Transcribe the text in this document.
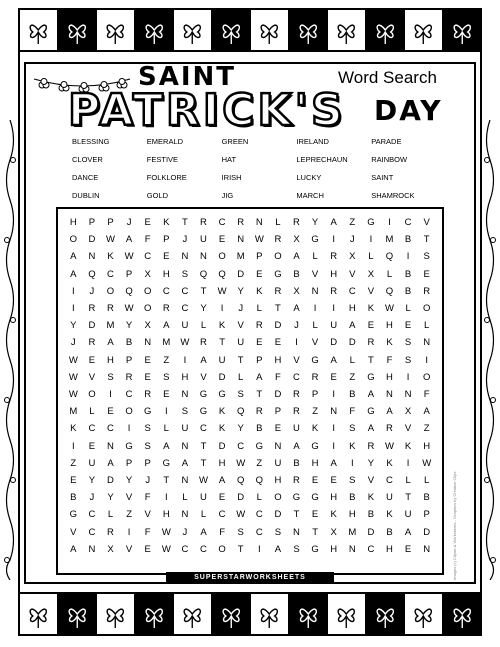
SAINT	Word Search
PATRICK'S DAY
BLESSING	EMERALD	GREEN	IRELAND	PARADE
CLOVER	FESTIVE	HAT	LEPRECHAUN	RAINBOW
DANCE	FOLKLORE	IRISH	LUCKY	SAINT
DUBLIN	GOLD	JIG	MARCH	SHAMROCK
H	P	P	J	E	K	T	R	C	R	N	L	R	Y	A	Z	G	I	C	V
O	D	W	A	F	P	J	U	E	N	W	R	X	G	I	J	I	M	B	T
A	N	K	W	C	E	N	N	O	M	P	O	A	L	R	X	L	Q	I	S
A	Q	C	P	X	H	S	Q	Q	D	E	G	B	V	H	V	X	L	B	E
I	J	O	Q	O	C	C	T	W	Y	K	R	X	N	R	C	V	Q	B	R
I	R	R	W	O	R	C	Y	I	J	L	T	A	I	I	H	K	W	L	O
Y	D	M	Y	X	A	U	L	K	V	R	D	J	L	U	A	E	H	E	L
J	R	A	B	N	M	W	R	T	U	E	E	I	V	D	D	R	K	S	N
W	E	H	P	E	Z	I	A	U	T	P	H	V	G	A	L	T	F	S	I
W	V	S	R	E	S	H	V	D	L	A	F	C	R	E	Z	G	H	I	O
W	O	I	C	R	E	N	G	G	S	T	D	R	P	I	B	A	N	N	F
M	L	E	O	G	I	S	G	K	Q	R	P	R	Z	N	F	G	A	X	A
K	C	C	I	S	L	U	C	K	Y	B	E	U	K	I	S	A	R	V	Z
I	E	N	G	S	A	N	T	D	C	G	N	A	G	I	K	R	W	K	H
Z	U	A	P	P	G	A	T	H	W	Z	U	B	H	A	I	Y	K	I	W
E	Y	D	Y	J	T	N	W	A	Q	Q	H	R	E	E	S	V	C	L	L
B	J	Y	V	F	I	L	U	E	D	L	O	G	G	H	B	K	U	T	B
G	C	L	Z	V	H	N	L	C	W	C	D	T	E	K	H	B	K	U	P
V	C	R	I	F	W	J	A	F	S	C	S	N	T	X	M	D	B	A	D
A	N	X	V	E	W	C	C	O	T	I	A	S	G	H	N	C	H	E	N
SUPERSTARWORKSHEETS	Images (c) Clipart & Worksheets - Graphics by Creative Clips
